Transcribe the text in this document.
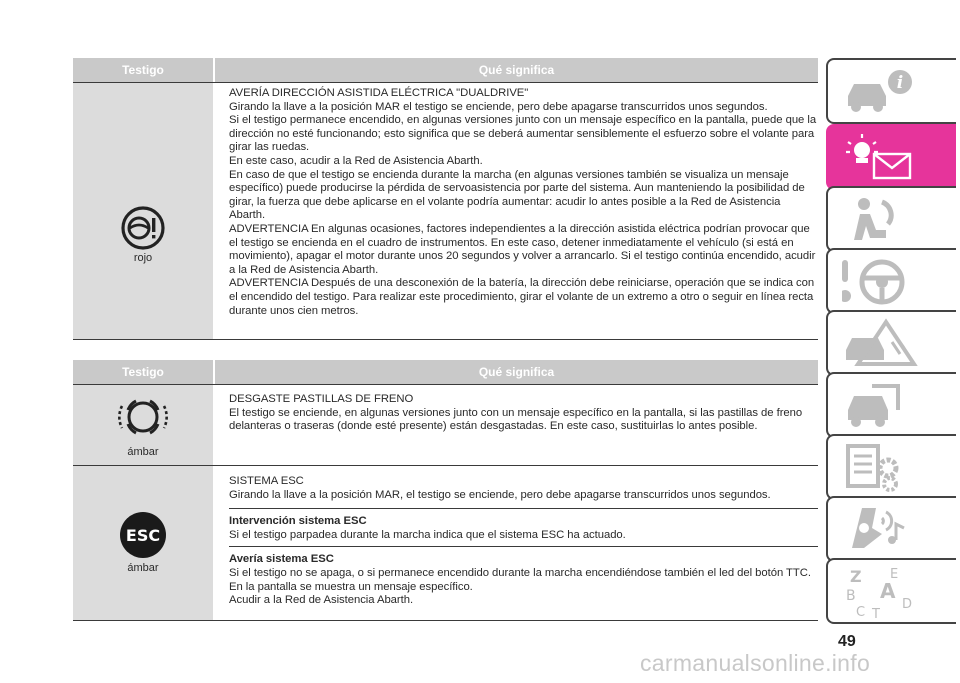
Testigo	Qué significa
rojo

AVERÍA DIRECCIÓN ASISTIDA ELÉCTRICA "DUALDRIVE"

Girando la llave a la posición MAR el testigo se enciende, pero debe apagarse transcurridos unos segundos.

Si el testigo permanece encendido, en algunas versiones junto con un mensaje específico en la pantalla, puede que la dirección no esté funcionando; esto significa que se deberá aumentar sensiblemente el esfuerzo sobre el volante para girar las ruedas.

En este caso, acudir a la Red de Asistencia Abarth.

En caso de que el testigo se encienda durante la marcha (en algunas versiones también se visualiza un mensaje específico) puede producirse la pérdida de servoasistencia por parte del sistema. Aun manteniendo la posibilidad de girar, la fuerza que debe aplicarse en el volante podría aumentar: acudir lo antes posible a la Red de Asistencia Abarth.

ADVERTENCIA En algunas ocasiones, factores independientes a la dirección asistida eléctrica podrían provocar que el testigo se encienda en el cuadro de instrumentos. En este caso, detener inmediatamente el vehículo (si está en movimiento), apagar el motor durante unos 20 segundos y volver a arrancarlo. Si el testigo continúa encendido, acudir a la Red de Asistencia Abarth.

ADVERTENCIA Después de una desconexión de la batería, la dirección debe reiniciarse, operación que se indica con el encendido del testigo. Para realizar este procedimiento, girar el volante de un extremo a otro o seguir en línea recta durante unos cien metros.

Testigo	Qué significa
ámbar

DESGASTE PASTILLAS DE FRENO

El testigo se enciende, en algunas versiones junto con un mensaje específico en la pantalla, si las pastillas de freno delanteras o traseras (donde esté presente) están desgastadas. En este caso, sustituirlas lo antes posible.

ESC
ámbar

SISTEMA ESC

Girando la llave a la posición MAR, el testigo se enciende, pero debe apagarse transcurridos unos segundos.

Intervención sistema ESC

Si el testigo parpadea durante la marcha indica que el sistema ESC ha actuado.

Avería sistema ESC

Si el testigo no se apaga, o si permanece encendido durante la marcha encendiéndose también el led del botón TTC. En la pantalla se muestra un mensaje específico.

Acudir a la Red de Asistencia Abarth.

i
Z E
B A
C
D
T
49
carmanualsonline.info
